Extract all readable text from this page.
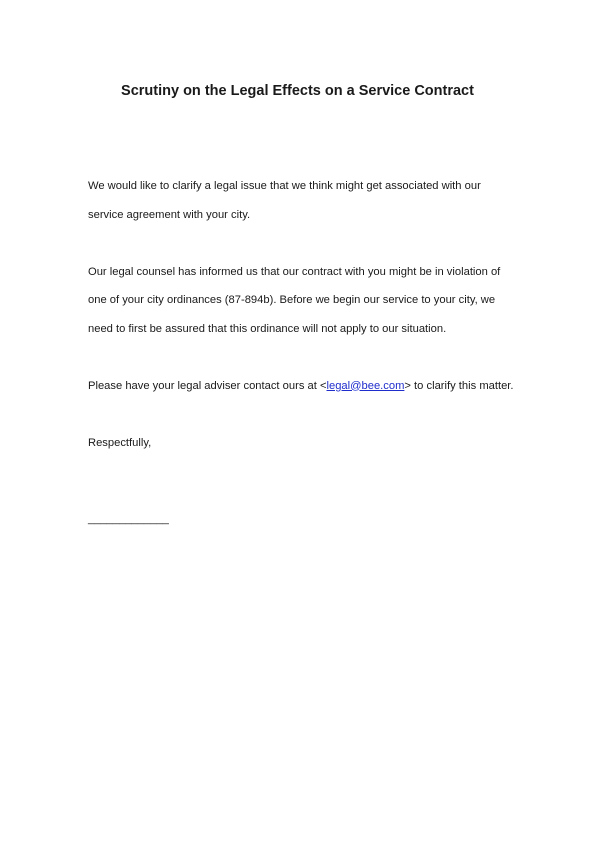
Scrutiny on the Legal Effects on a Service Contract

We would like to clarify a legal issue that we think might get associated with our service agreement with your city.

Our legal counsel has informed us that our contract with you might be in violation of one of your city ordinances (87-894b). Before we begin our service to your city, we need to first be assured that this ordinance will not apply to our situation.

Please have your legal adviser contact ours at <legal@bee.com> to clarify this matter.

Respectfully,

_____________
